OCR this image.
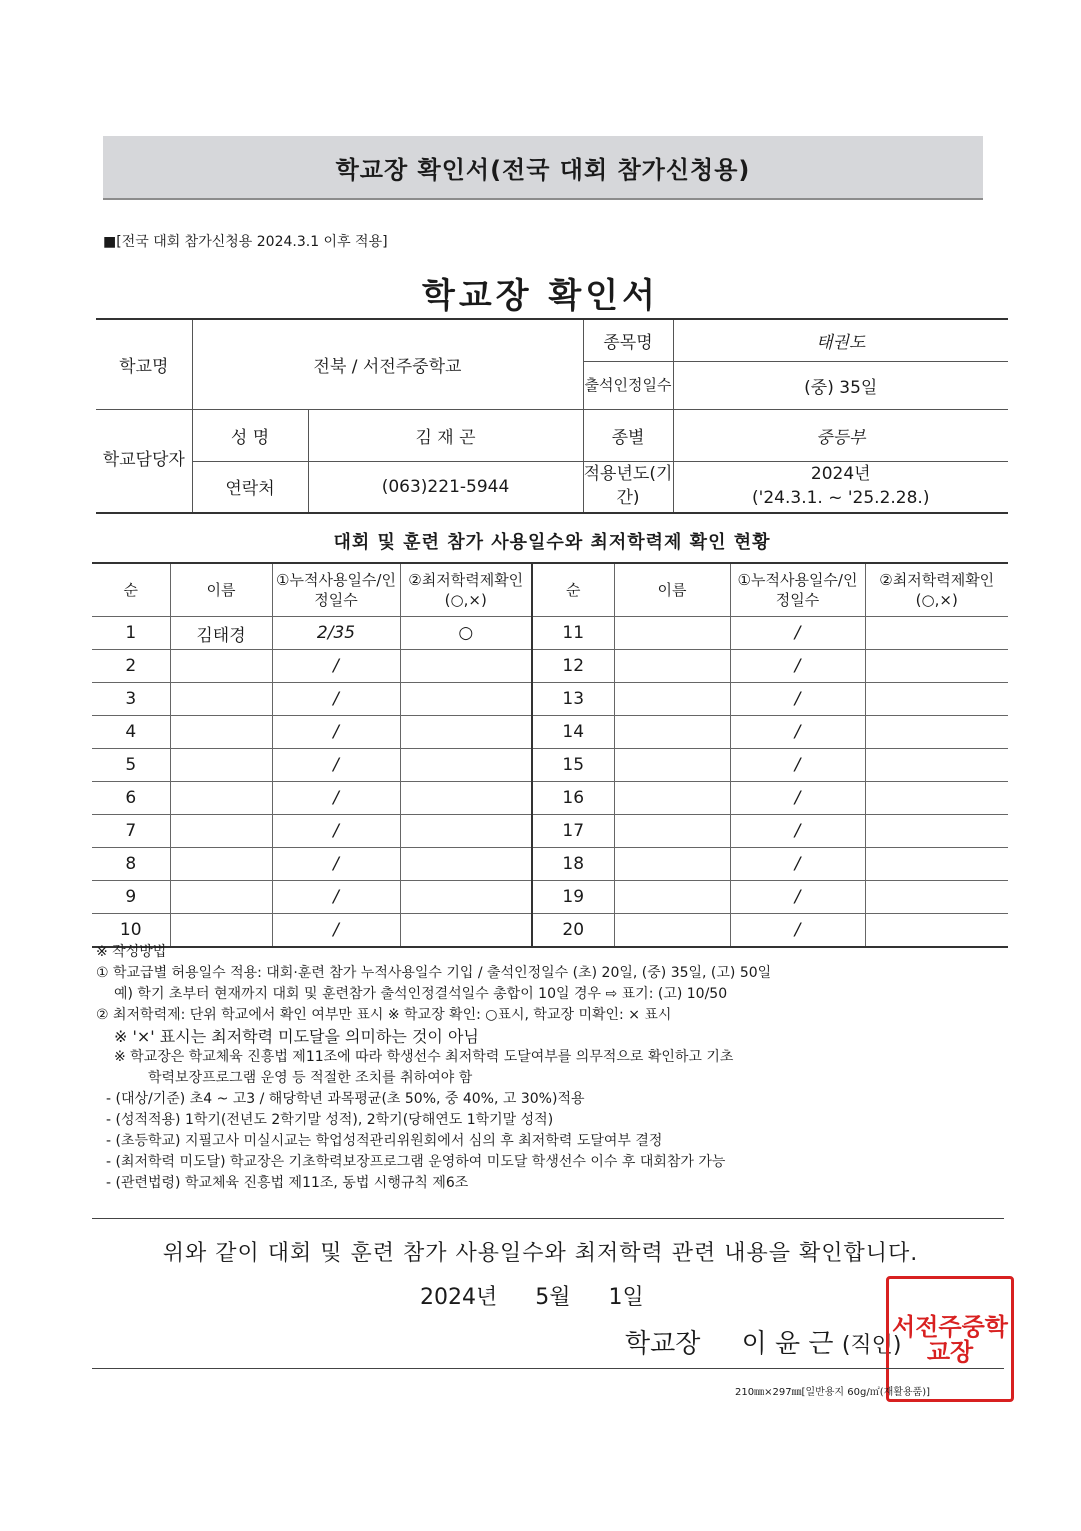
학교장 확인서(전국 대회 참가신청용)
■[전국 대회 참가신청용 2024.3.1 이후 적용]
학교장 확인서
학교명	전북 / 서전주중학교		종목명	태권도
			출석인정일수	(중) 35일
학교담당자	성 명	김 재 곤	종별	중등부
	연락처	(063)221-5944	적용년도(기간)	2024년
('24.3.1. ~ '25.2.28.)
대회 및 훈련 참가 사용일수와 최저학력제 확인 현황
순	이름	①누적사용일수/인정일수	②최저학력제확인(○,×)	순	이름	①누적사용일수/인정일수	②최저학력제확인(○,×)
1	김태경	2/35	○	11		/	
2		/		12		/	
3		/		13		/	
4		/		14		/	
5		/		15		/	
6		/		16		/	
7		/		17		/	
8		/		18		/	
9		/		19		/	
10		/		20		/	
※ 작성방법
① 학교급별 허용일수 적용: 대회·훈련 참가 누적사용일수 기입 / 출석인정일수 (초) 20일, (중) 35일, (고) 50일
예) 학기 초부터 현재까지 대회 및 훈련참가 출석인정결석일수 총합이 10일 경우 ⇨ 표기: (고) 10/50
② 최저학력제: 단위 학교에서 확인 여부만 표시 ※ 학교장 확인: ○표시, 학교장 미확인: × 표시
※ '×' 표시는 최저학력 미도달을 의미하는 것이 아님
※ 학교장은 학교체육 진흥법 제11조에 따라 학생선수 최저학력 도달여부를 의무적으로 확인하고 기초
학력보장프로그램 운영 등 적절한 조치를 취하여야 함
- (대상/기준) 초4 ~ 고3 / 해당학년 과목평균(초 50%, 중 40%, 고 30%)적용
- (성적적용) 1학기(전년도 2학기말 성적), 2학기(당해연도 1학기말 성적)
- (초등학교) 지필고사 미실시교는 학업성적관리위원회에서 심의 후 최저학력 도달여부 결정
- (최저학력 미도달) 학교장은 기초학력보장프로그램 운영하여 미도달 학생선수 이수 후 대회참가 가능
- (관련법령) 학교체육 진흥법 제11조, 동법 시행규칙 제6조
위와 같이 대회 및 훈련 참가 사용일수와 최저학력 관련 내용을 확인합니다.
2024년 5월 1일
학교장     이 윤 근 (직인)
서전주중학교장
210㎜×297㎜[일반용지 60g/㎡(재활용품)]
